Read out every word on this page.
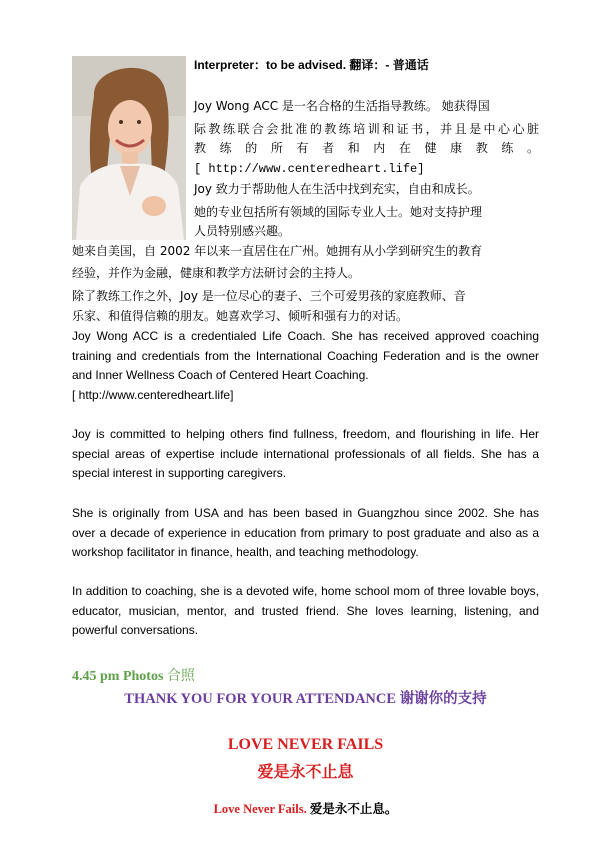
Interpreter：to be advised. 翻译：- 普通话

Joy Wong ACC 是一名合格的生活指导教练。 她获得国

际教练联合会批准的教练培训和证书，并且是中心心脏

教 练 的 所 有 者 和 内 在 健 康 教 练 。

[ http://www.centeredheart.life]

Joy 致力于帮助他人在生活中找到充实，自由和成长。

她的专业包括所有领域的国际专业人士。她对支持护理

人员特别感兴趣。

她来自美国，自 2002 年以来一直居住在广州。她拥有从小学到研究生的教育

经验，并作为金融，健康和教学方法研讨会的主持人。

除了教练工作之外，Joy 是一位尽心的妻子、三个可爱男孩的家庭教师、音

乐家、和值得信赖的朋友。她喜欢学习、倾听和强有力的对话。

Joy Wong ACC is a credentialed Life Coach. She has received approved coaching training and credentials from the International Coaching Federation and is the owner and Inner Wellness Coach of Centered Heart Coaching.
[ http://www.centeredheart.life]

Joy is committed to helping others find fullness, freedom, and flourishing in life. Her special areas of expertise include international professionals of all fields. She has a special interest in supporting caregivers.

She is originally from USA and has been based in Guangzhou since 2002. She has over a decade of experience in education from primary to post graduate and also as a workshop facilitator in finance, health, and teaching methodology.

In addition to coaching, she is a devoted wife, home school mom of three lovable boys, educator, musician, mentor, and trusted friend. She loves learning, listening, and powerful conversations.

4.45 pm Photos 合照

THANK YOU FOR YOUR ATTENDANCE 谢谢你的支持

LOVE NEVER FAILS

爱是永不止息

Love Never Fails. 爱是永不止息。
